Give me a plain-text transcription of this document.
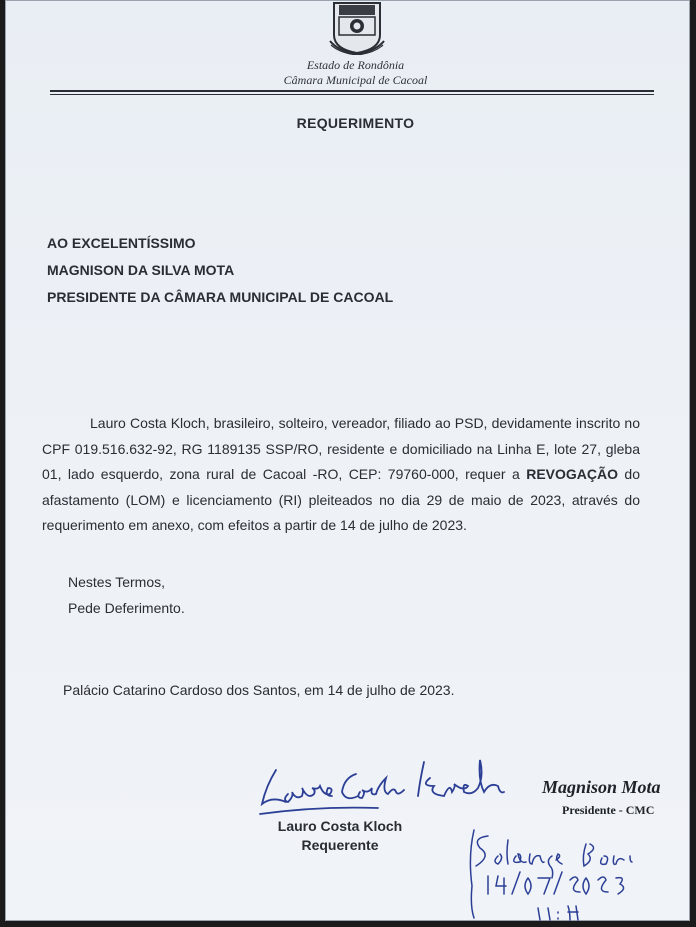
Estado de Rondônia
Câmara Municipal de Cacoal
REQUERIMENTO
AO EXCELENTÍSSIMO
MAGNISON DA SILVA MOTA
PRESIDENTE DA CÂMARA MUNICIPAL DE CACOAL
Lauro Costa Kloch, brasileiro, solteiro, vereador, filiado ao PSD, devidamente inscrito no CPF 019.516.632-92, RG 1189135 SSP/RO, residente e domiciliado na Linha E, lote 27, gleba 01, lado esquerdo, zona rural de Cacoal -RO, CEP: 79760-000, requer a REVOGAÇÃO do afastamento (LOM) e licenciamento (RI) pleiteados no dia 29 de maio de 2023, através do requerimento em anexo, com efeitos a partir de 14 de julho de 2023.
Nestes Termos,
Pede Deferimento.
Palácio Catarino Cardoso dos Santos, em 14 de julho de 2023.
Lauro Costa Kloch
Requerente
Magnison Mota
Presidente - CMC
